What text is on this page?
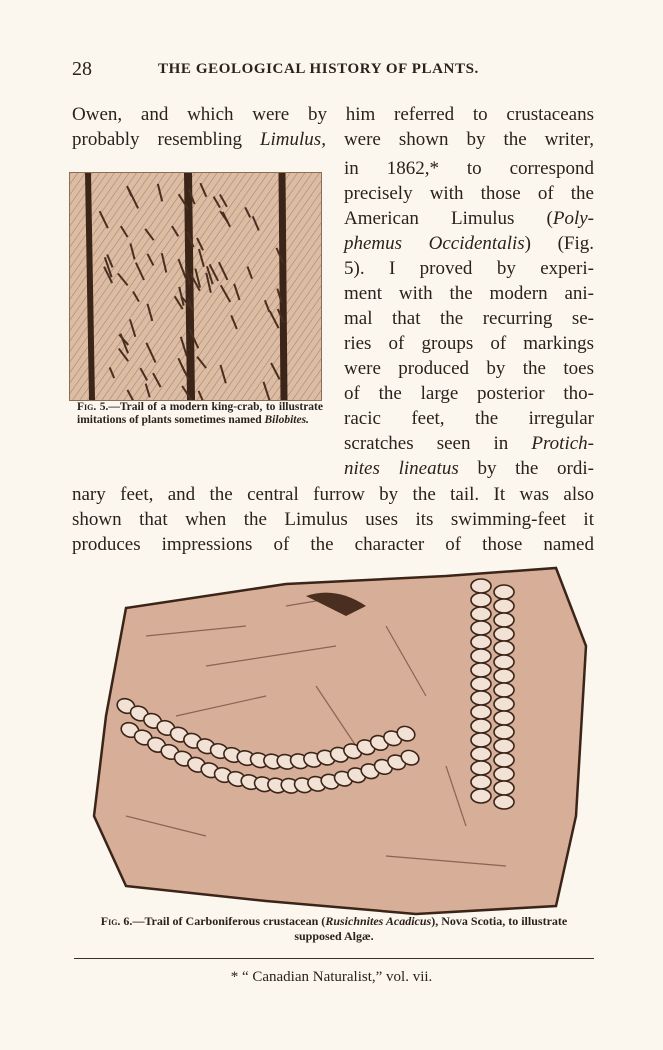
28	THE GEOLOGICAL HISTORY OF PLANTS.
Owen, and which were by him referred to crustaceans
probably resembling Limulus, were shown by the writer,
in 1862,* to correspond
precisely with those of the
American Limulus (Poly-
phemus Occidentalis) (Fig.
5). I proved by experi-
ment with the modern ani-
mal that the recurring se-
ries of groups of markings
were produced by the toes
of the large posterior tho-
racic feet, the irregular
scratches seen in Protich-
nites lineatus by the ordi-
nary feet, and the central furrow by the tail. It was also
shown that when the Limulus uses its swimming-feet it
produces impressions of the character of those named
Fig. 5.—Trail of a modern king-crab, to illustrate imitations of plants sometimes named Bilobites.
Fig. 6.—Trail of Carboniferous crustacean (Rusichnites Acadicus), Nova Scotia, to illustrate supposed Algæ.
* “ Canadian Naturalist,” vol. vii.
